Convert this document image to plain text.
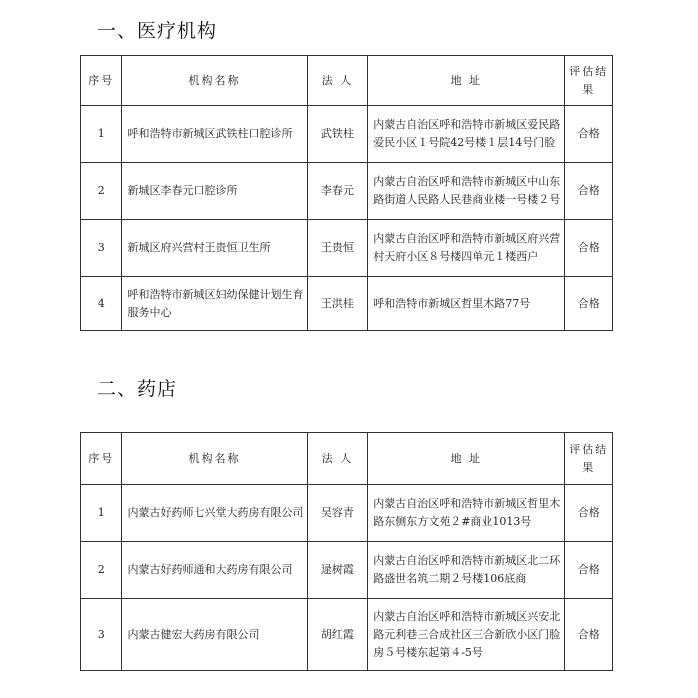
一、医疗机构
序号	机构名称	法 人	地 址	评估结果
1	呼和浩特市新城区武铁柱口腔诊所	武铁柱	内蒙古自治区呼和浩特市新城区爱民路爱民小区１号院42号楼１层14号门脸	合格
2	新城区李春元口腔诊所	李春元	内蒙古自治区呼和浩特市新城区中山东路街道人民路人民巷商业楼一号楼２号	合格
3	新城区府兴营村王贵恒卫生所	王贵恒	内蒙古自治区呼和浩特市新城区府兴营村天府小区８号楼四单元１楼西户	合格
4	呼和浩特市新城区妇幼保健计划生育服务中心	王洪桂	呼和浩特市新城区哲里木路77号	合格
二、药店
序号	机构名称	法 人	地 址	评估结果
1	内蒙古好药师七兴堂大药房有限公司	吴容青	内蒙古自治区呼和浩特市新城区哲里木路东侧东方文苑２#商业1013号	合格
2	内蒙古好药师通和大药房有限公司	逯树霞	内蒙古自治区呼和浩特市新城区北二环路盛世名筑二期２号楼106底商	合格
3	内蒙古健宏大药房有限公司	胡红霞	内蒙古自治区呼和浩特市新城区兴安北路元利巷三合成社区三合新欣小区门脸房５号楼东起第４-5号	合格
